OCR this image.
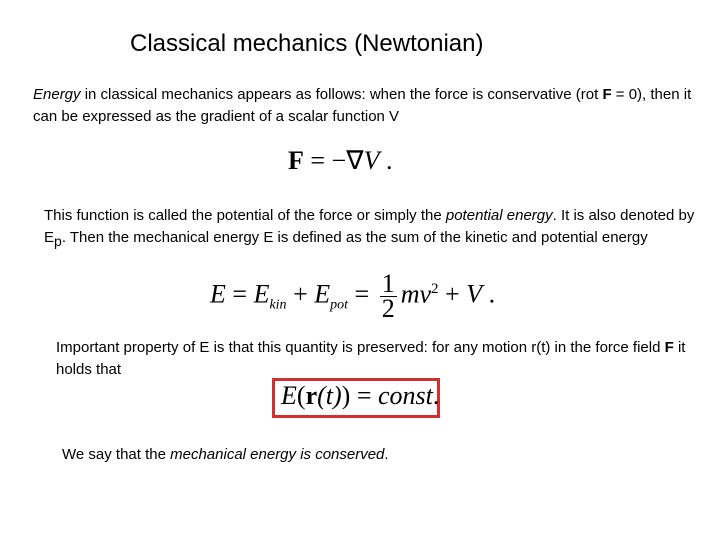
Classical mechanics (Newtonian)
Energy in classical mechanics appears as follows: when the force is conservative (rot F = 0), then it can be expressed as the gradient of a scalar function V
F = −∇V .
This function is called the potential of the force or simply the potential energy. It is also denoted by $E_p$. Then the mechanical energy E is defined as the sum of the kinetic and potential energy
$E = E_{kin} + E_{pot} = \frac{1}{2} mv^2 + V$ .
Important property of E is that this quantity is preserved: for any motion r(t) in the force field F it holds that
E(r(t)) = const.
We say that the mechanical energy is conserved.
